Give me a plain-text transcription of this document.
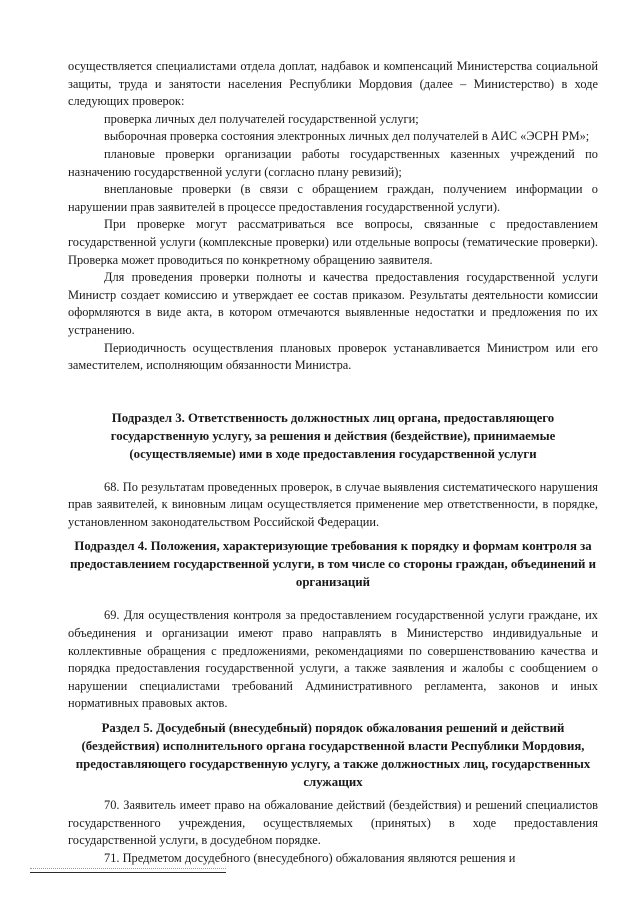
осуществляется специалистами отдела доплат, надбавок и компенсаций Министерства социальной защиты, труда и занятости населения Республики Мордовия (далее – Министерство) в ходе следующих проверок:

проверка личных дел получателей государственной услуги;

выборочная проверка состояния электронных личных дел получателей в АИС «ЭСРН РМ»;

плановые проверки организации работы государственных казенных учреждений по назначению государственной услуги (согласно плану ревизий);

внеплановые проверки (в связи с обращением граждан, получением информации о нарушении прав заявителей в процессе предоставления государственной услуги).

При проверке могут рассматриваться все вопросы, связанные с предоставлением государственной услуги (комплексные проверки) или отдельные вопросы (тематические проверки). Проверка может проводиться по конкретному обращению заявителя.

Для проведения проверки полноты и качества предоставления государственной услуги Министр создает комиссию и утверждает ее состав приказом. Результаты деятельности комиссии оформляются в виде акта, в котором отмечаются выявленные недостатки и предложения по их устранению.

Периодичность осуществления плановых проверок устанавливается Министром или его заместителем, исполняющим обязанности Министра.

Подраздел 3. Ответственность должностных лиц органа, предоставляющего государственную услугу, за решения и действия (бездействие), принимаемые (осуществляемые) ими в ходе предоставления государственной услуги

68. По результатам проведенных проверок, в случае выявления систематического нарушения прав заявителей, к виновным лицам осуществляется применение мер ответственности, в порядке, установленном законодательством Российской Федерации.

Подраздел 4. Положения, характеризующие требования к порядку и формам контроля за предоставлением государственной услуги, в том числе со стороны граждан, объединений и организаций

69. Для осуществления контроля за предоставлением государственной услуги граждане, их объединения и организации имеют право направлять в Министерство индивидуальные и коллективные обращения с предложениями, рекомендациями по совершенствованию качества и порядка предоставления государственной услуги, а также заявления и жалобы с сообщением о нарушении специалистами требований Административного регламента, законов и иных нормативных правовых актов.

Раздел 5. Досудебный (внесудебный) порядок обжалования решений и действий (бездействия) исполнительного органа государственной власти Республики Мордовия, предоставляющего государственную услугу, а также должностных лиц, государственных служащих

70. Заявитель имеет право на обжалование действий (бездействия) и решений специалистов государственного учреждения, осуществляемых (принятых) в ходе предоставления государственной услуги, в досудебном порядке.

71. Предметом досудебного (внесудебного) обжалования являются решения и
